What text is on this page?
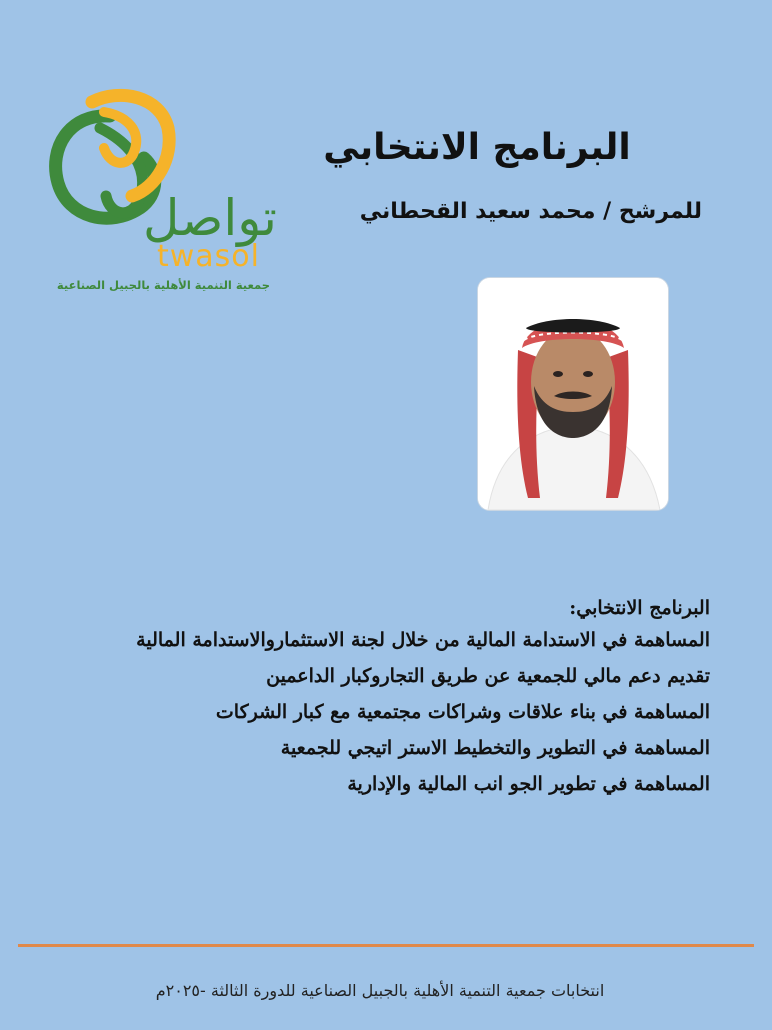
تواصل

twasol

جمعية التنمية الأهلية بالجبيل الصناعية

البرنامج الانتخابي
للمرشح / محمد سعيد القحطاني

البرنامج الانتخابي:

المساهمة في الاستدامة المالية من خلال لجنة الاستثماروالاستدامة المالية
تقديم دعم مالي للجمعية عن طريق التجاروكبار الداعمين
المساهمة في بناء علاقات وشراكات مجتمعية مع كبار الشركات
المساهمة في التطوير والتخطيط الاستر اتيجي للجمعية
المساهمة في تطوير الجو انب المالية والإدارية

انتخابات جمعية التنمية الأهلية بالجبيل الصناعية للدورة الثالثة -٢٠٢٥م
